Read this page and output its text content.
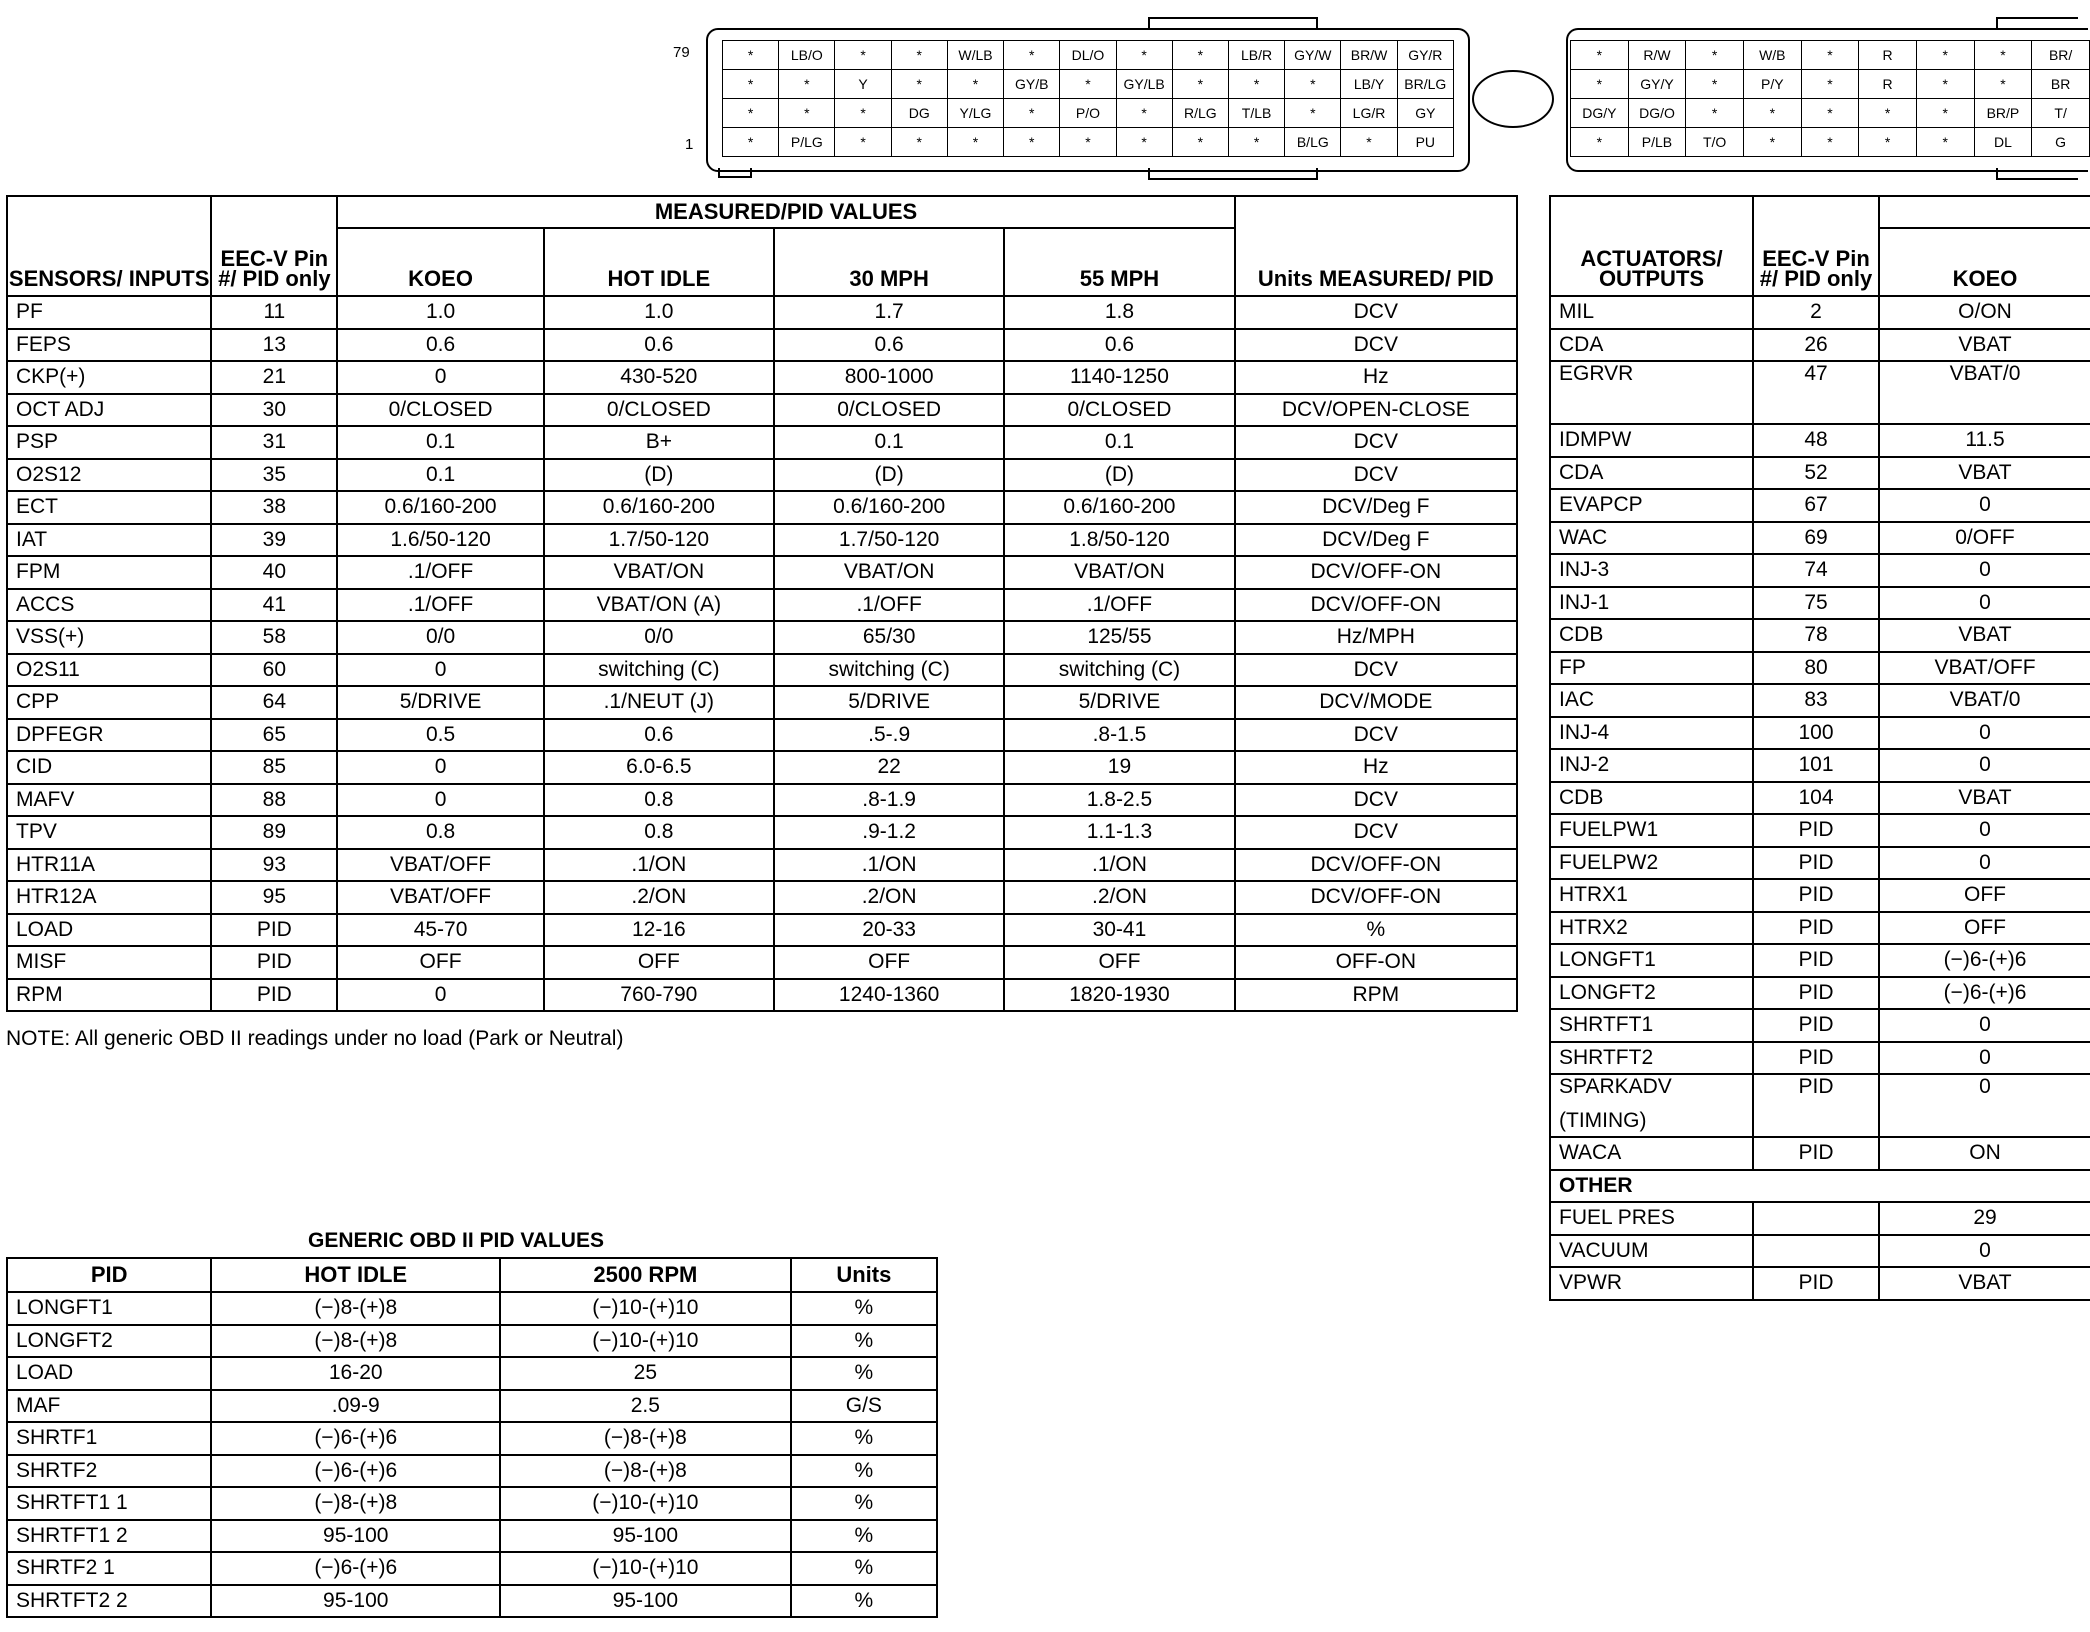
79
1
*	LB/O	*	*	W/LB	*	DL/O	*	*	LB/R	GY/W	BR/W	GY/R
*	*	Y	*	*	GY/B	*	GY/LB	*	*	*	LB/Y	BR/LG
*	*	*	DG	Y/LG	*	P/O	*	R/LG	T/LB	*	LG/R	GY
*	P/LG	*	*	*	*	*	*	*	*	B/LG	*	PU
*	R/W	*	W/B	*	R	*	*	BR/
*	GY/Y	*	P/Y	*	R	*	*	BR
DG/Y	DG/O	*	*	*	*	*	BR/P	T/
*	P/LB	T/O	*	*	*	*	DL	G
SENSORS/ INPUTS	EEC-V Pin #/ PID only	MEASURED/PID VALUES				Units MEASURED/ PID
		KOEO	HOT IDLE	30 MPH	55 MPH	
PF	11	1.0	1.0	1.7	1.8	DCV
FEPS	13	0.6	0.6	0.6	0.6	DCV
CKP(+)	21	0	430-520	800-1000	1140-1250	Hz
OCT ADJ	30	0/CLOSED	0/CLOSED	0/CLOSED	0/CLOSED	DCV/OPEN-CLOSE
PSP	31	0.1	B+	0.1	0.1	DCV
O2S12	35	0.1	(D)	(D)	(D)	DCV
ECT	38	0.6/160-200	0.6/160-200	0.6/160-200	0.6/160-200	DCV/Deg F
IAT	39	1.6/50-120	1.7/50-120	1.7/50-120	1.8/50-120	DCV/Deg F
FPM	40	.1/OFF	VBAT/ON	VBAT/ON	VBAT/ON	DCV/OFF-ON
ACCS	41	.1/OFF	VBAT/ON (A)	.1/OFF	.1/OFF	DCV/OFF-ON
VSS(+)	58	0/0	0/0	65/30	125/55	Hz/MPH
O2S11	60	0	switching (C)	switching (C)	switching (C)	DCV
CPP	64	5/DRIVE	.1/NEUT (J)	5/DRIVE	5/DRIVE	DCV/MODE
DPFEGR	65	0.5	0.6	.5-.9	.8-1.5	DCV
CID	85	0	6.0-6.5	22	19	Hz
MAFV	88	0	0.8	.8-1.9	1.8-2.5	DCV
TPV	89	0.8	0.8	.9-1.2	1.1-1.3	DCV
HTR11A	93	VBAT/OFF	.1/ON	.1/ON	.1/ON	DCV/OFF-ON
HTR12A	95	VBAT/OFF	.2/ON	.2/ON	.2/ON	DCV/OFF-ON
LOAD	PID	45-70	12-16	20-33	30-41	%
MISF	PID	OFF	OFF	OFF	OFF	OFF-ON
RPM	PID	0	760-790	1240-1360	1820-1930	RPM
NOTE: All generic OBD II readings under no load (Park or Neutral)
ACTUATORS/ OUTPUTS	EEC-V Pin #/ PID only	
		KOEO
MIL	2	O/ON
CDA	26	VBAT
EGRVR	47	VBAT/0

IDMPW	48	11.5
CDA	52	VBAT
EVAPCP	67	0
WAC	69	0/OFF
INJ-3	74	0
INJ-1	75	0
CDB	78	VBAT
FP	80	VBAT/OFF
IAC	83	VBAT/0
INJ-4	100	0
INJ-2	101	0
CDB	104	VBAT
FUELPW1	PID	0
FUELPW2	PID	0
HTRX1	PID	OFF
HTRX2	PID	OFF
LONGFT1	PID	(−)6-(+)6
LONGFT2	PID	(−)6-(+)6
SHRTFT1	PID	0
SHRTFT2	PID	0
SPARKADV	PID	0
(TIMING)		
WACA	PID	ON
OTHER		
FUEL PRES		29
VACUUM		0
VPWR	PID	VBAT
GENERIC OBD II PID VALUES
PID	HOT IDLE	2500 RPM	Units
LONGFT1	(−)8-(+)8	(−)10-(+)10	%
LONGFT2	(−)8-(+)8	(−)10-(+)10	%
LOAD	16-20	25	%
MAF	.09-9	2.5	G/S
SHRTF1	(−)6-(+)6	(−)8-(+)8	%
SHRTF2	(−)6-(+)6	(−)8-(+)8	%
SHRTFT1 1	(−)8-(+)8	(−)10-(+)10	%
SHRTFT1 2	95-100	95-100	%
SHRTF2 1	(−)6-(+)6	(−)10-(+)10	%
SHRTFT2 2	95-100	95-100	%
